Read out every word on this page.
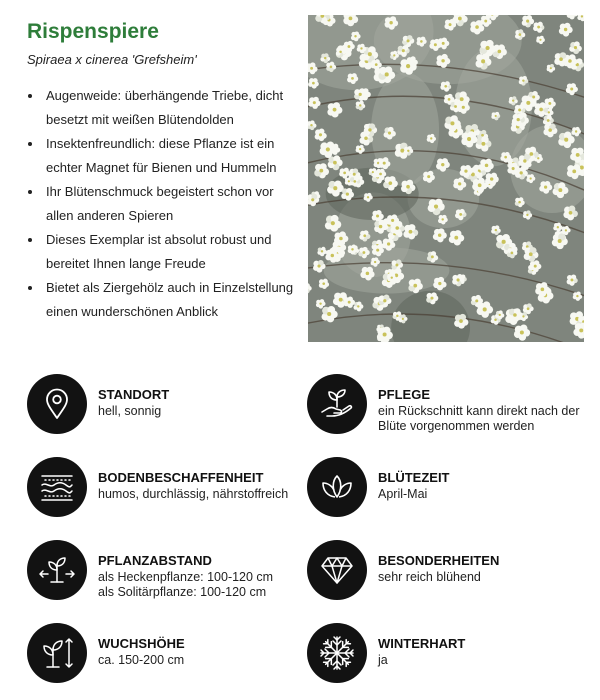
Rispenspiere

Spiraea x cinerea 'Grefsheim'

Augenweide: überhängende Triebe, dicht besetzt mit weißen Blütendolden
Insektenfreundlich: diese Pflanze ist ein echter Magnet für Bienen und Hummeln
Ihr Blütenschmuck begeistert schon vor allen anderen Spieren
Dieses Exemplar ist absolut robust und bereitet Ihnen lange Freude
Bietet als Ziergehölz auch in Einzelstellung einen wunderschönen Anblick
STANDORT
hell, sonnig
PFLEGE
ein Rückschnitt kann direkt nach der Blüte vorgenommen werden
BODENBESCHAFFENHEIT
humos, durchlässig, nährstoffreich
BLÜTEZEIT
April-Mai
PFLANZABSTAND
als Heckenpflanze: 100-120 cm
als Solitärpflanze: 100-120 cm
BESONDERHEITEN
sehr reich blühend
WUCHSHÖHE
ca. 150-200 cm
WINTERHART
ja
